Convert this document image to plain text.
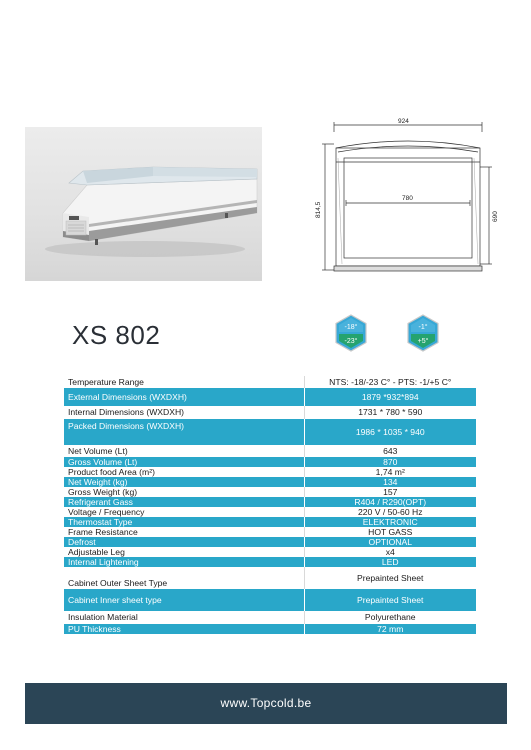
924
780
814,5	690
XS 802	-18°
-23°
-1°
+5°
Temperature Range	NTS: -18/-23 C° - PTS: -1/+5 C°
External Dimensions (WXDXH)	1879 *932*894
Internal Dimensions (WXDXH)	1731 * 780 * 590
Packed Dimensions (WXDXH)	1986 * 1035 * 940
Net Volume (Lt)	643
Gross Volume (Lt)	870
Product food Area (m²)	1,74 m²
Net Weight (kg)	134
Gross Weight (kg)	157
Refrigerant Gass	R404 / R290(OPT)
Voltage / Frequency	220 V / 50-60 Hz
Thermostat Type	ELEKTRONIC
Frame Resistance	HOT GASS
Defrost	OPTIONAL
Adjustable Leg	x4
Internal Lightening	LED
Cabinet Outer Sheet Type	Prepainted Sheet
Cabinet Inner sheet type	Prepainted Sheet
Insulation Material	Polyurethane
PU Thickness	72 mm
www.Topcold.be
